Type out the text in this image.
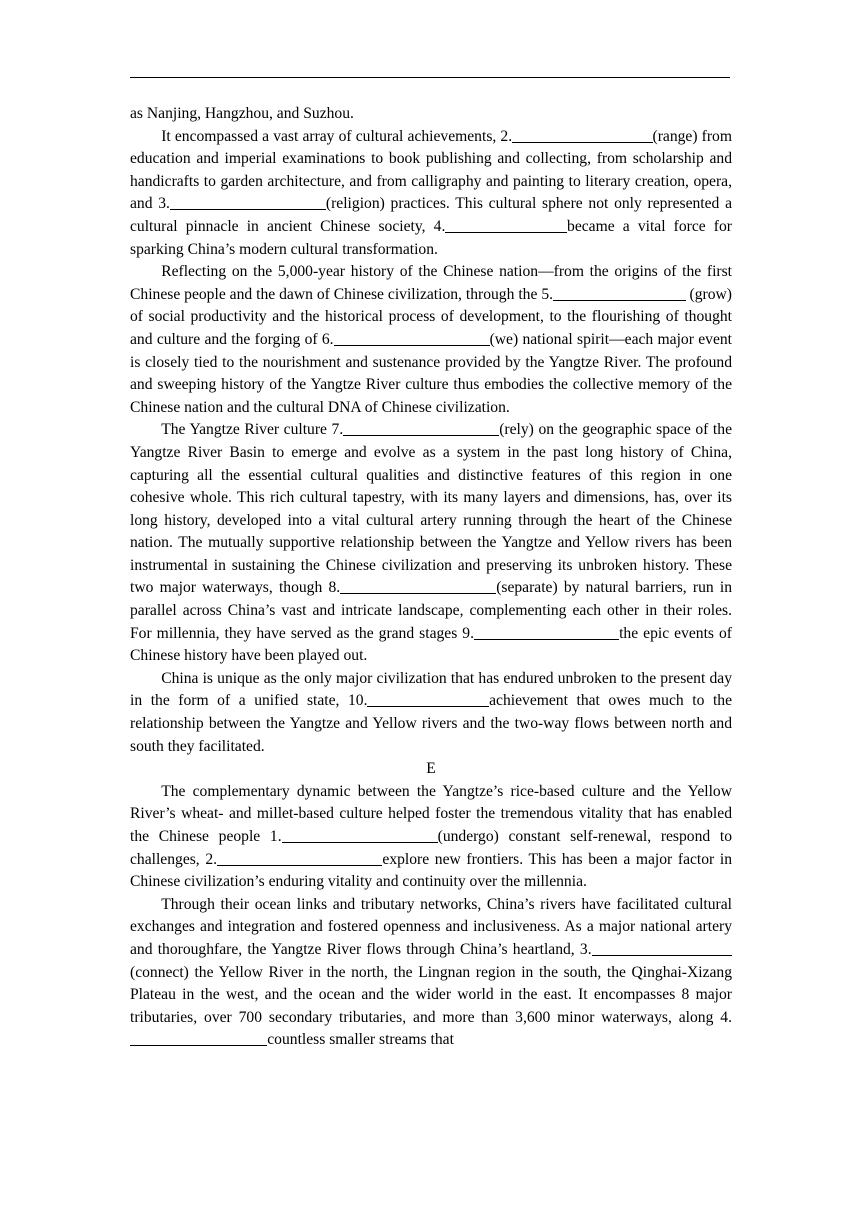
as Nanjing, Hangzhou, and Suzhou.

It encompassed a vast array of cultural achievements, 2.	(range) from education and imperial examinations to book publishing and collecting, from scholarship and handicrafts to garden architecture, and from calligraphy and painting to literary creation, opera, and 3.	(religion) practices. This cultural sphere not only represented a cultural pinnacle in ancient Chinese society, 4.	became a vital force for sparking China’s modern cultural transformation.

Reflecting on the 5,000-year history of the Chinese nation—from the origins of the first Chinese people and the dawn of Chinese civilization, through the 5.	(grow) of social productivity and the historical process of development, to the flourishing of thought and culture and the forging of 6.	(we) national spirit—each major event is closely tied to the nourishment and sustenance provided by the Yangtze River. The profound and sweeping history of the Yangtze River culture thus embodies the collective memory of the Chinese nation and the cultural DNA of Chinese civilization.

The Yangtze River culture 7.	(rely) on the geographic space of the Yangtze River Basin to emerge and evolve as a system in the past long history of China, capturing all the essential cultural qualities and distinctive features of this region in one cohesive whole. This rich cultural tapestry, with its many layers and dimensions, has, over its long history, developed into a vital cultural artery running through the heart of the Chinese nation. The mutually supportive relationship between the Yangtze and Yellow rivers has been instrumental in sustaining the Chinese civilization and preserving its unbroken history. These two major waterways, though 8.	(separate) by natural barriers, run in parallel across China’s vast and intricate landscape, complementing each other in their roles. For millennia, they have served as the grand stages 9.	the epic events of Chinese history have been played out.

China is unique as the only major civilization that has endured unbroken to the present day in the form of a unified state, 10.	achievement that owes much to the relationship between the Yangtze and Yellow rivers and the two-way flows between north and south they facilitated.

E

The complementary dynamic between the Yangtze’s rice-based culture and the Yellow River’s wheat- and millet-based culture helped foster the tremendous vitality that has enabled the Chinese people 1.	(undergo) constant self-renewal, respond to challenges, 2.	explore new frontiers. This has been a major factor in Chinese civilization’s enduring vitality and continuity over the millennia.

Through their ocean links and tributary networks, China’s rivers have facilitated cultural exchanges and integration and fostered openness and inclusiveness. As a major national artery and thoroughfare, the Yangtze River flows through China’s heartland, 3.(connect) the Yellow River in the north, the Lingnan region in the south, the Qinghai-Xizang Plateau in the west, and the ocean and the wider world in the east. It encompasses 8 major tributaries, over 700 secondary tributaries, and more than 3,600 minor waterways, along 4.countless smaller streams that
